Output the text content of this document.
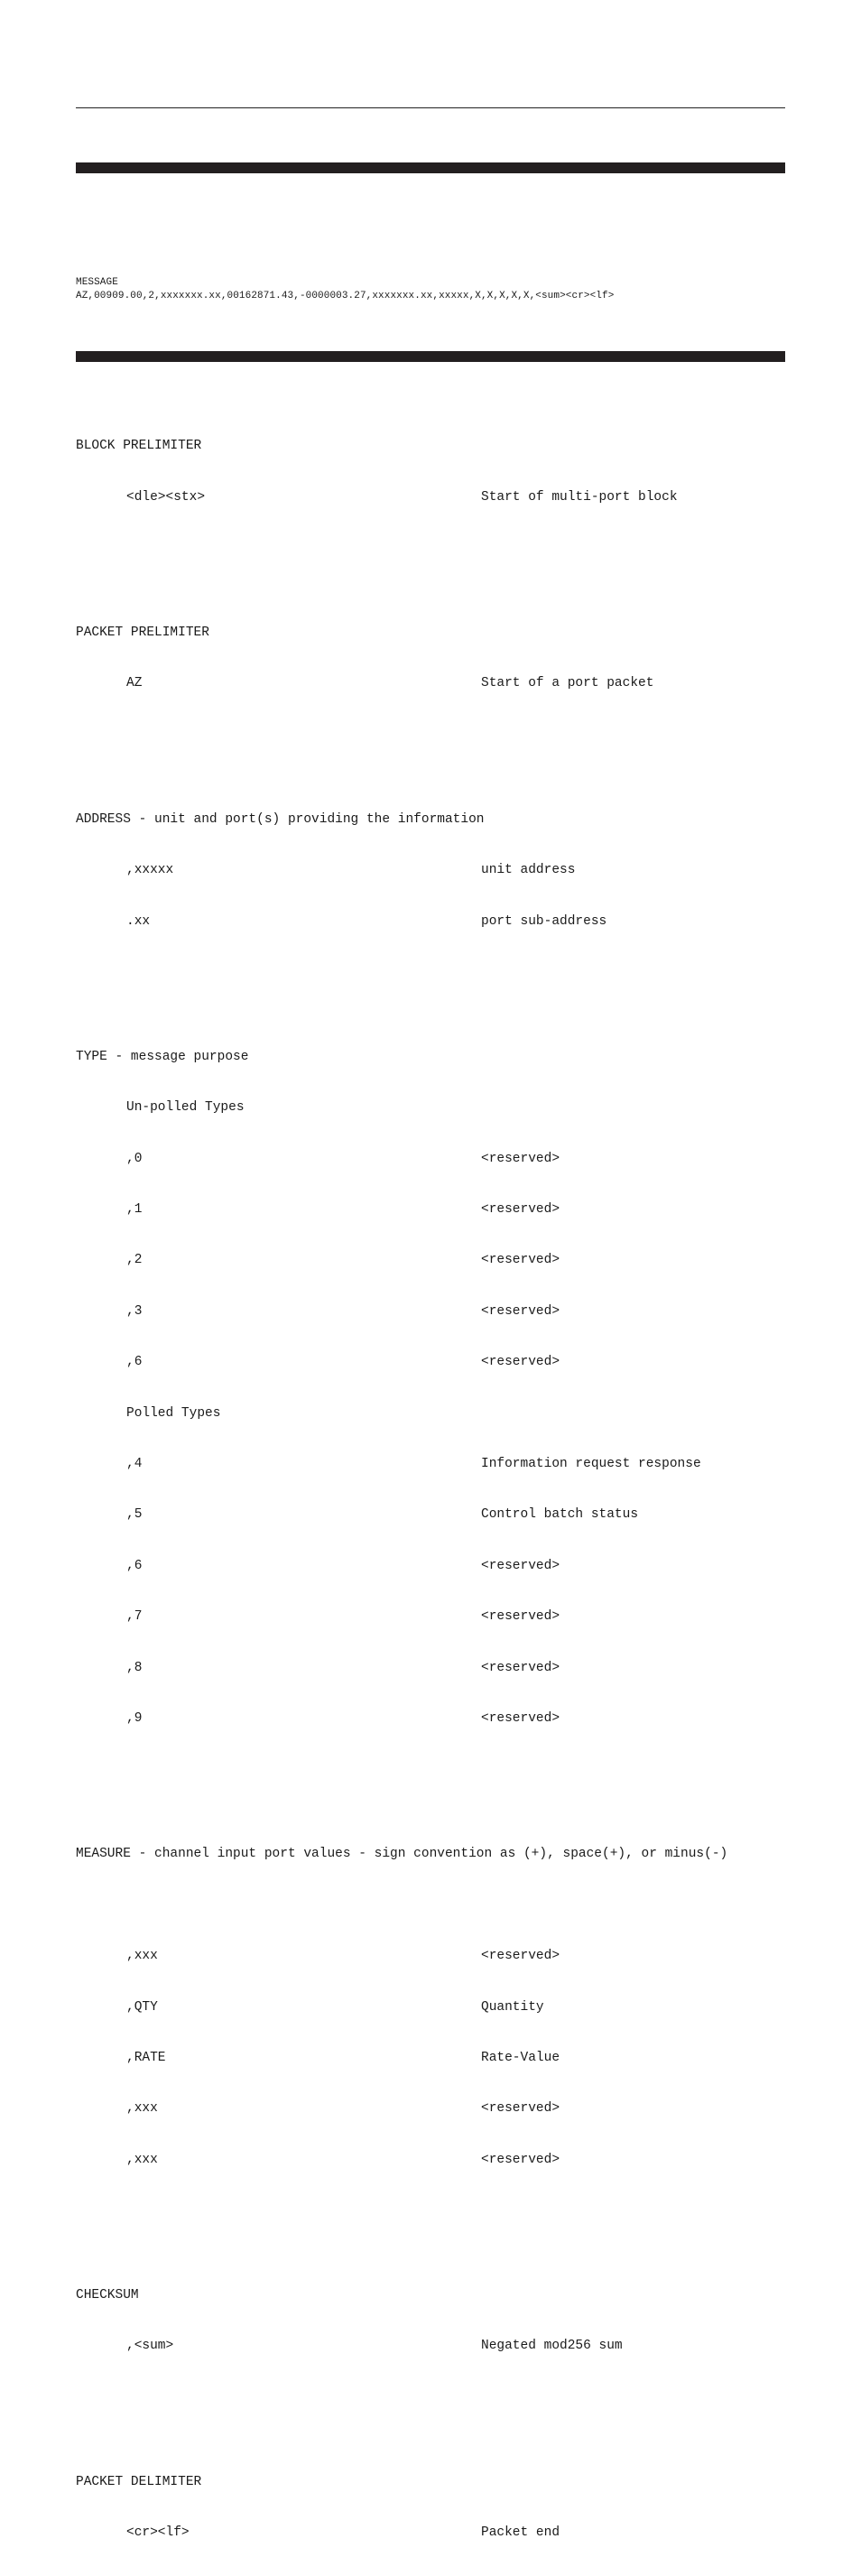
MESSAGE
AZ,00909.00,2,xxxxxxx.xx,00162871.43,-0000003.27,xxxxxxx.xx,xxxxx,X,X,X,X,X,<sum><cr><lf>

BLOCK PRELIMITER

<dle><stx>	Start of multi-port block

PACKET PRELIMITER

AZ	Start of a port packet

ADDRESS - unit and port(s) providing the information

,xxxxx	unit address

.xx	port sub-address

TYPE - message purpose

Un-polled Types

,0	<reserved>

,1	<reserved>

,2	<reserved>

,3	<reserved>

,6	<reserved>

Polled Types

,4	Information request response

,5	Control batch status

,6	<reserved>

,7	<reserved>

,8	<reserved>

,9	<reserved>

MEASURE - channel input port values - sign convention as (+), space(+), or minus(-)

,xxx	<reserved>

,QTY	Quantity

,RATE	Rate-Value

,xxx	<reserved>

,xxx	<reserved>

CHECKSUM

,<sum>	Negated mod256 sum

PACKET DELIMITER

<cr><lf>	Packet end
